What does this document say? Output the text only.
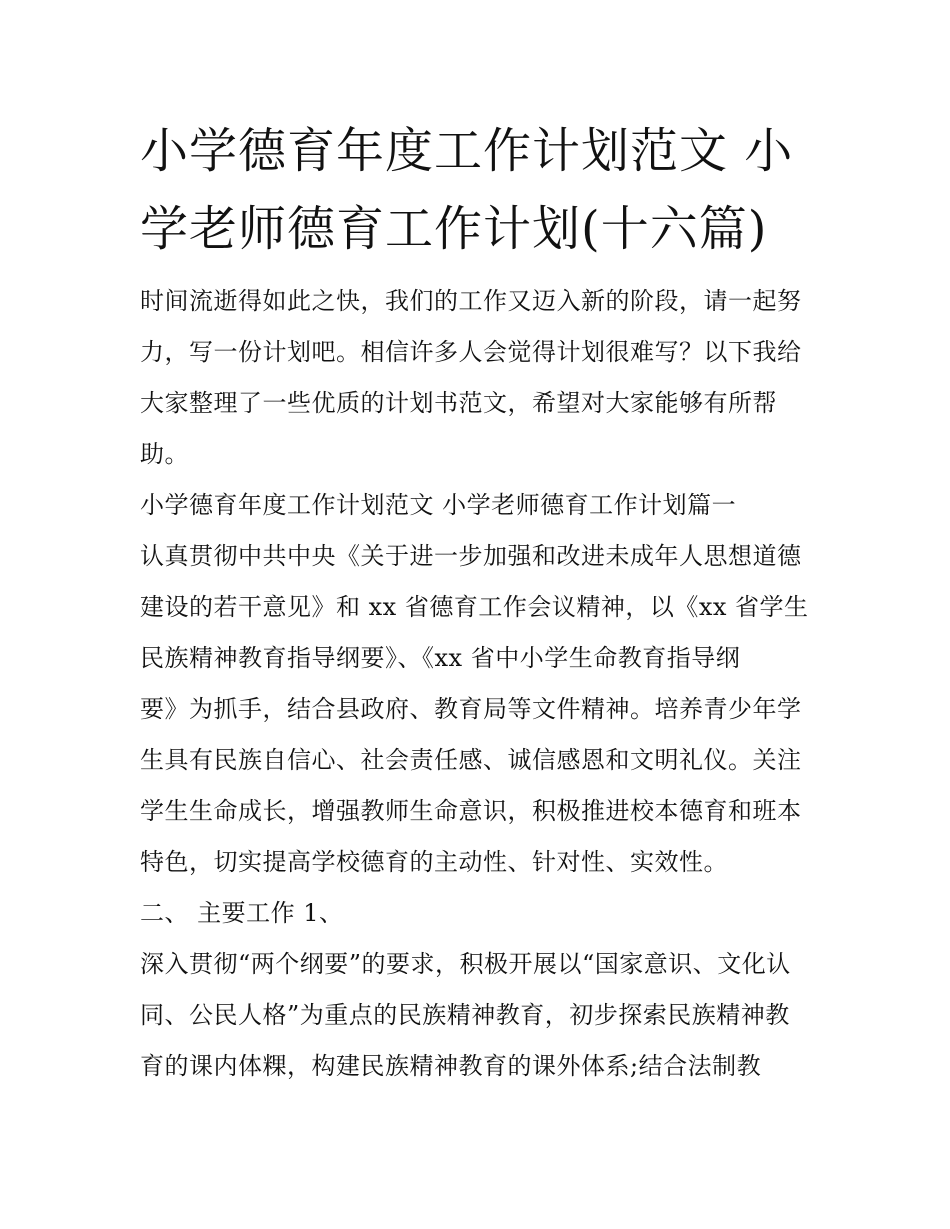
小学德育年度工作计划范文 小
学老师德育工作计划(十六篇)
时间流逝得如此之快，我们的工作又迈入新的阶段，请一起努
力，写一份计划吧。相信许多人会觉得计划很难写？以下我给
大家整理了一些优质的计划书范文，希望对大家能够有所帮
助。
小学德育年度工作计划范文 小学老师德育工作计划篇一
认真贯彻中共中央《关于进一步加强和改进未成年人思想道德
建设的若干意见》和 xx 省德育工作会议精神，以《xx 省学生
民族精神教育指导纲要》、《xx 省中小学生命教育指导纲
要》为抓手，结合县政府、教育局等文件精神。培养青少年学
生具有民族自信心、社会责任感、诚信感恩和文明礼仪。关注
学生生命成长，增强教师生命意识，积极推进校本德育和班本
特色，切实提高学校德育的主动性、针对性、实效性。
二、 主要工作 1、
深入贯彻“两个纲要”的要求，积极开展以“国家意识、文化认
同、公民人格”为重点的民族精神教育，初步探索民族精神教
育的课内体粿，构建民族精神教育的课外体系;结合法制教
